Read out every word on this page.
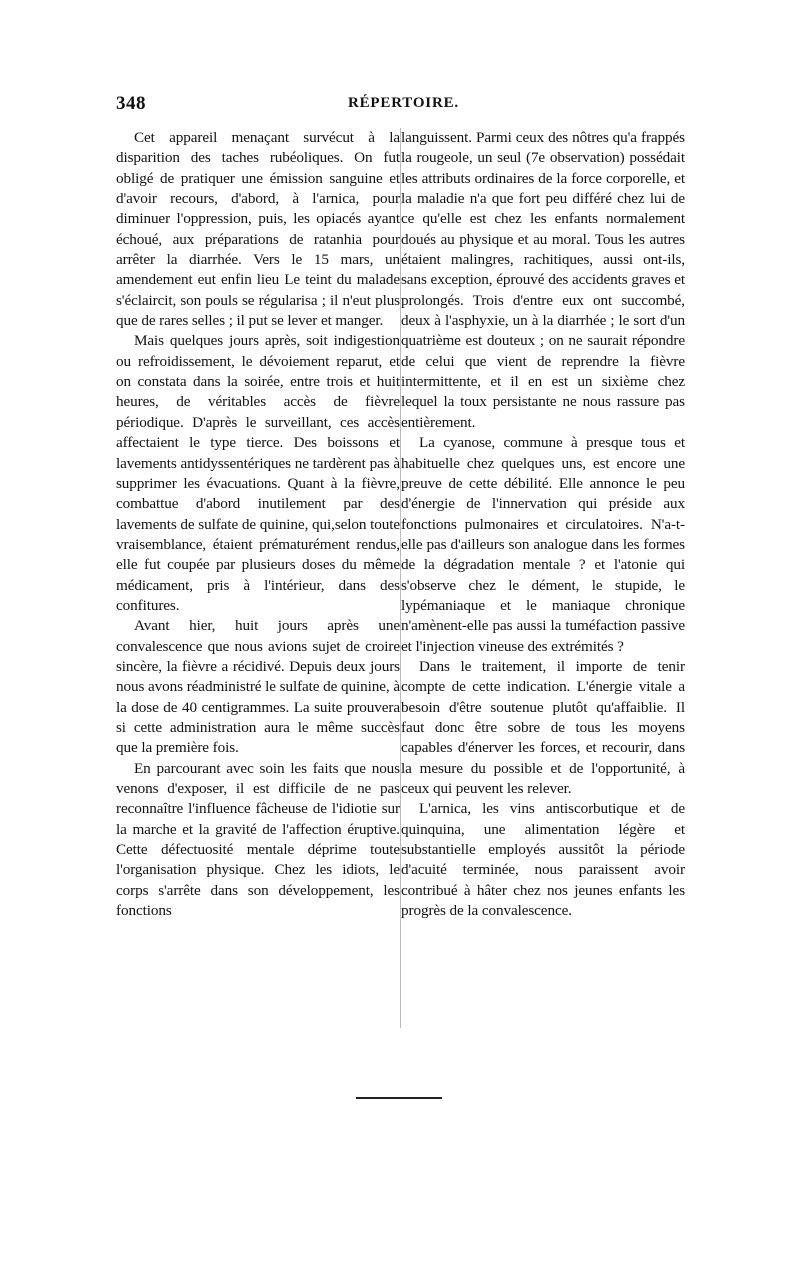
348	RÉPERTOIRE.

Cet appareil menaçant survécut à la disparition des taches rubéoliques. On fut obligé de pratiquer une émission sanguine et d'avoir recours, d'abord, à l'arnica, pour diminuer l'oppression, puis, les opiacés ayant échoué, aux préparations de ratanhia pour arrêter la diarrhée. Vers le 15 mars, un amendement eut enfin lieu Le teint du malade s'éclaircit, son pouls se régularisa ; il n'eut plus que de rares selles ; il put se lever et manger.

Mais quelques jours après, soit indigestion ou refroidissement, le dévoiement reparut, et on constata dans la soirée, entre trois et huit heures, de véritables accès de fièvre périodique. D'après le surveillant, ces accès affectaient le type tierce. Des boissons et lavements antidyssentériques ne tardèrent pas à supprimer les évacuations. Quant à la fièvre, combattue d'abord inutilement par des lavements de sulfate de quinine, qui,selon toute vraisemblance, étaient prématurément rendus, elle fut coupée par plusieurs doses du même médicament, pris à l'intérieur, dans des confitures.

Avant hier, huit jours après une convalescence que nous avions sujet de croire sincère, la fièvre a récidivé. Depuis deux jours nous avons réadministré le sulfate de quinine, à la dose de 40 centigrammes. La suite prouvera si cette administration aura le même succès que la première fois.

En parcourant avec soin les faits que nous venons d'exposer, il est difficile de ne pas reconnaître l'influence fâcheuse de l'idiotie sur la marche et la gravité de l'affection éruptive. Cette défectuosité mentale déprime toute l'organisation physique. Chez les idiots, le corps s'arrête dans son développement, les fonctions

languissent. Parmi ceux des nôtres qu'a frappés la rougeole, un seul (7e observation) possédait les attributs ordinaires de la force corporelle, et la maladie n'a que fort peu différé chez lui de ce qu'elle est chez les enfants normalement doués au physique et au moral. Tous les autres étaient malingres, rachitiques, aussi ont-ils, sans exception, éprouvé des accidents graves et prolongés. Trois d'entre eux ont succombé, deux à l'asphyxie, un à la diarrhée ; le sort d'un quatrième est douteux ; on ne saurait répondre de celui que vient de reprendre la fièvre intermittente, et il en est un sixième chez lequel la toux persistante ne nous rassure pas entièrement.

La cyanose, commune à presque tous et habituelle chez quelques uns, est encore une preuve de cette débilité. Elle annonce le peu d'énergie de l'innervation qui préside aux fonctions pulmonaires et circulatoires. N'a-t-elle pas d'ailleurs son analogue dans les formes de la dégradation mentale ? et l'atonie qui s'observe chez le dément, le stupide, le lypémaniaque et le maniaque chronique n'amènent-elle pas aussi la tuméfaction passive et l'injection vineuse des extrémités ?

Dans le traitement, il importe de tenir compte de cette indication. L'énergie vitale a besoin d'être soutenue plutôt qu'affaiblie. Il faut donc être sobre de tous les moyens capables d'énerver les forces, et recourir, dans la mesure du possible et de l'opportunité, à ceux qui peuvent les relever.

L'arnica, les vins antiscorbutique et de quinquina, une alimentation légère et substantielle employés aussitôt la période d'acuité terminée, nous paraissent avoir contribué à hâter chez nos jeunes enfants les progrès de la convalescence.
